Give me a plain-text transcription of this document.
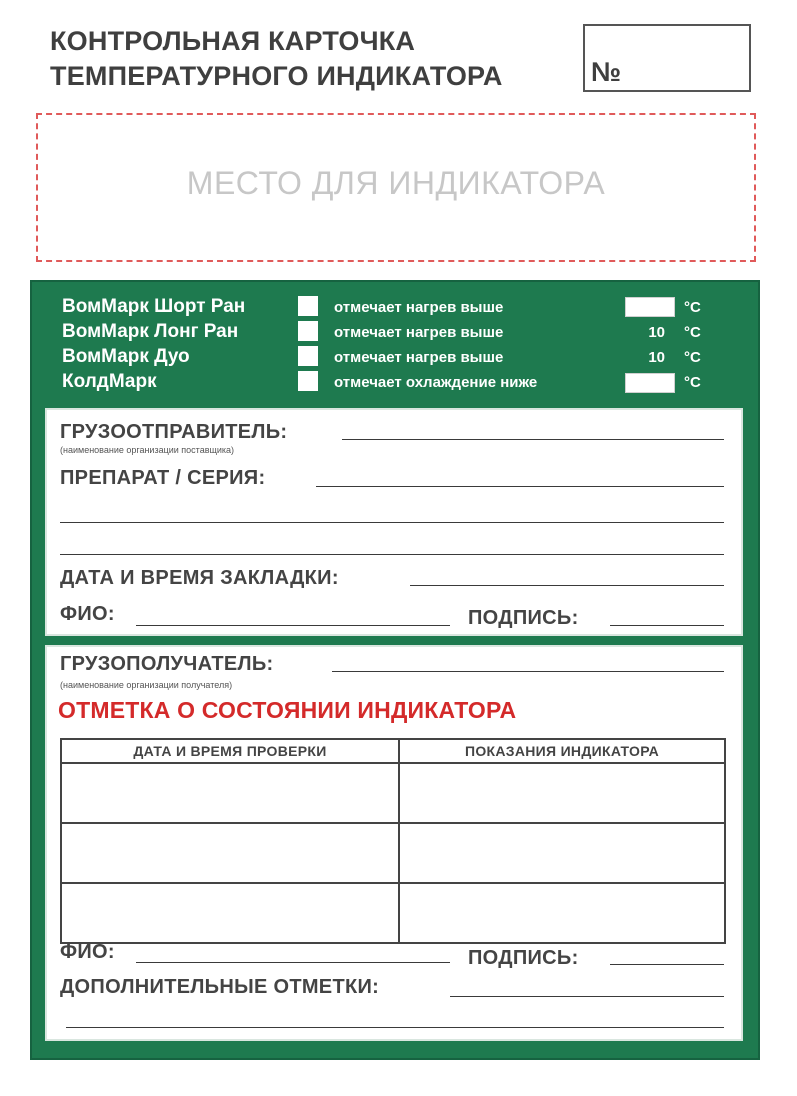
КОНТРОЛЬНАЯ КАРТОЧКА
ТЕМПЕРАТУРНОГО ИНДИКАТОРА	№
МЕСТО ДЛЯ ИНДИКАТОРА
ВомМарк Шорт Ран	отмечает нагрев выше	°C
ВомМарк Лонг Ран	отмечает нагрев выше	10 °C
ВомМарк Дуо	отмечает нагрев выше	10 °C
КолдМарк	отмечает охлаждение ниже	°C
ГРУЗООТПРАВИТЕЛЬ:
(наименование организации поставщика)
ПРЕПАРАТ / СЕРИЯ:
ДАТА И ВРЕМЯ ЗАКЛАДКИ:
ФИО:	ПОДПИСЬ:
ГРУЗОПОЛУЧАТЕЛЬ:
(наименование организации получателя)
ОТМЕТКА О СОСТОЯНИИ ИНДИКАТОРА
ДАТА И ВРЕМЯ ПРОВЕРКИ	ПОКАЗАНИЯ ИНДИКАТОРА

ФИО:	ПОДПИСЬ:
ДОПОЛНИТЕЛЬНЫЕ ОТМЕТКИ:
